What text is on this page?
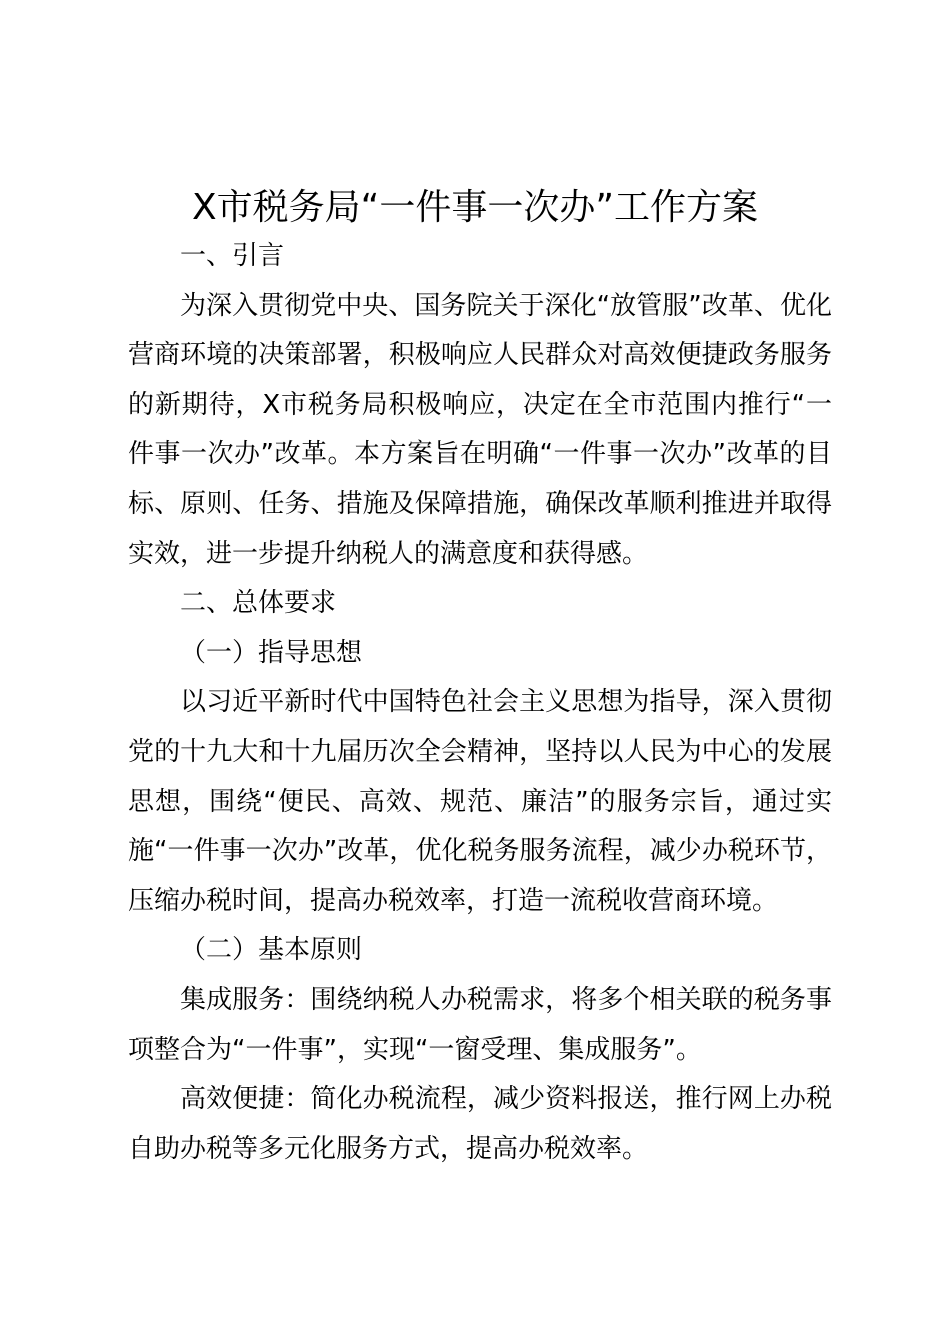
X市税务局“一件事一次办”工作方案

一、引言

为深入贯彻党中央、国务院关于深化“放管服”改革、优化营商环境的决策部署，积极响应人民群众对高效便捷政务服务的新期待，X市税务局积极响应，决定在全市范围内推行“一件事一次办”改革。本方案旨在明确“一件事一次办”改革的目标、原则、任务、措施及保障措施，确保改革顺利推进并取得实效，进一步提升纳税人的满意度和获得感。

二、总体要求

（一）指导思想

以习近平新时代中国特色社会主义思想为指导，深入贯彻党的十九大和十九届历次全会精神，坚持以人民为中心的发展思想，围绕“便民、高效、规范、廉洁”的服务宗旨，通过实施“一件事一次办”改革，优化税务服务流程，减少办税环节，压缩办税时间，提高办税效率，打造一流税收营商环境。

（二）基本原则

集成服务：围绕纳税人办税需求，将多个相关联的税务事项整合为“一件事”，实现“一窗受理、集成服务”。

高效便捷：简化办税流程，减少资料报送，推行网上办税自助办税等多元化服务方式，提高办税效率。
